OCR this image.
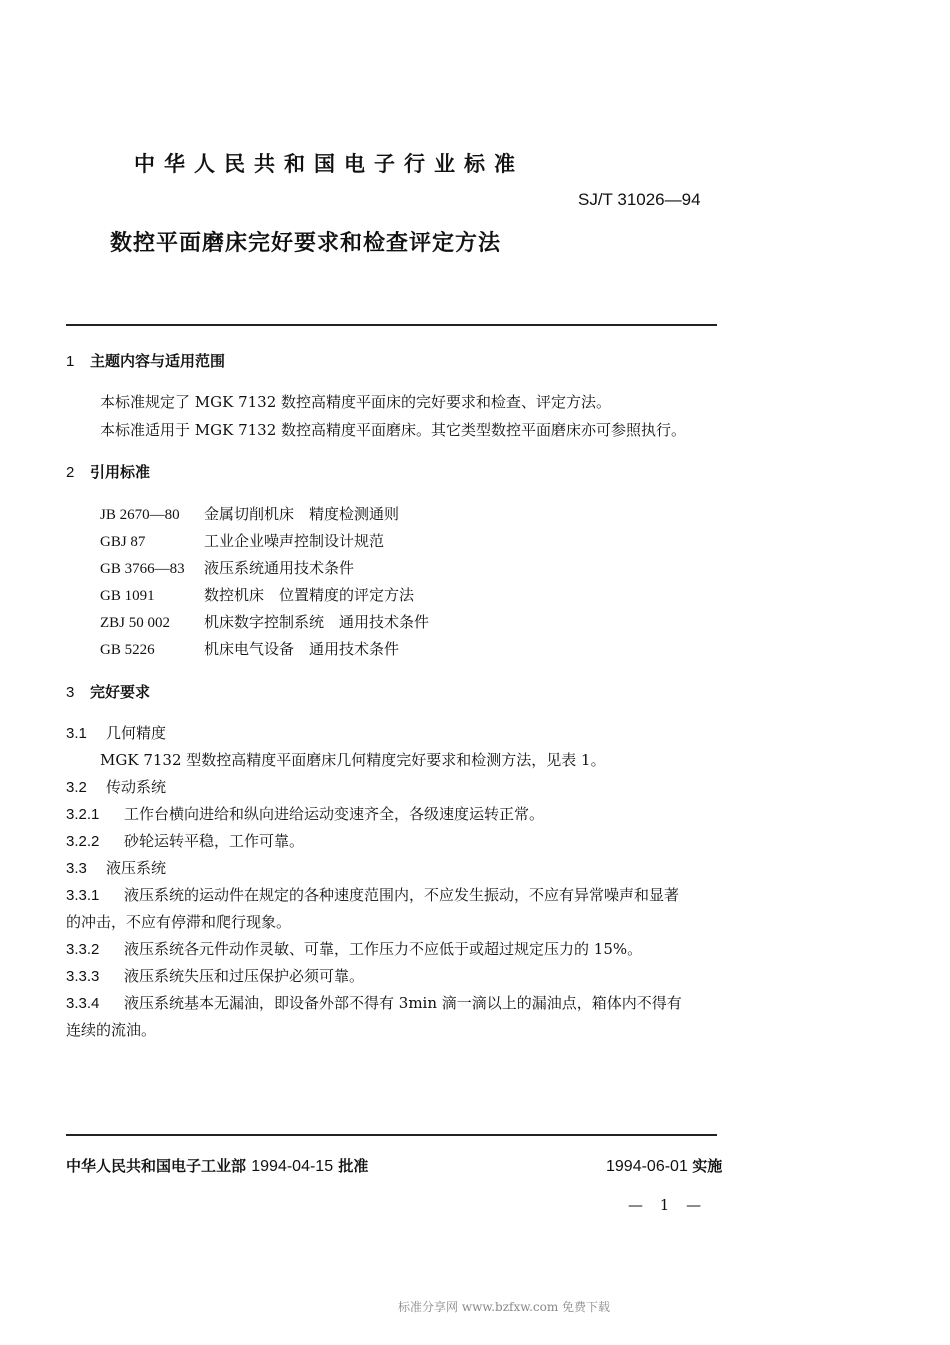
中华人民共和国电子行业标准
SJ/T 31026—94
数控平面磨床完好要求和检查评定方法
1 主题内容与适用范围
本标准规定了 MGK 7132 数控高精度平面床的完好要求和检查、评定方法。
本标准适用于 MGK 7132 数控高精度平面磨床。其它类型数控平面磨床亦可参照执行。
2 引用标准
JB 2670—80 金属切削机床　精度检测通则
GBJ 87	工业企业噪声控制设计规范
GB 3766—83 液压系统通用技术条件
GB 1091	数控机床　位置精度的评定方法
ZBJ 50 002 机床数字控制系统　通用技术条件
GB 5226	机床电气设备　通用技术条件
3 完好要求
3.1 几何精度
MGK 7132 型数控高精度平面磨床几何精度完好要求和检测方法，见表 1。
3.2 传动系统
3.2.1 工作台横向进给和纵向进给运动变速齐全，各级速度运转正常。
3.2.2 砂轮运转平稳，工作可靠。
3.3 液压系统
3.3.1 液压系统的运动件在规定的各种速度范围内，不应发生振动，不应有异常噪声和显著
的冲击，不应有停滞和爬行现象。
3.3.2 液压系统各元件动作灵敏、可靠，工作压力不应低于或超过规定压力的 15%。
3.3.3 液压系统失压和过压保护必须可靠。
3.3.4 液压系统基本无漏油，即设备外部不得有 3min 滴一滴以上的漏油点，箱体内不得有
连续的流油。
中华人民共和国电子工业部 1994-04-15 批准	1994-06-01 实施
— 1 —
标准分享网 www.bzfxw.com 免费下载
